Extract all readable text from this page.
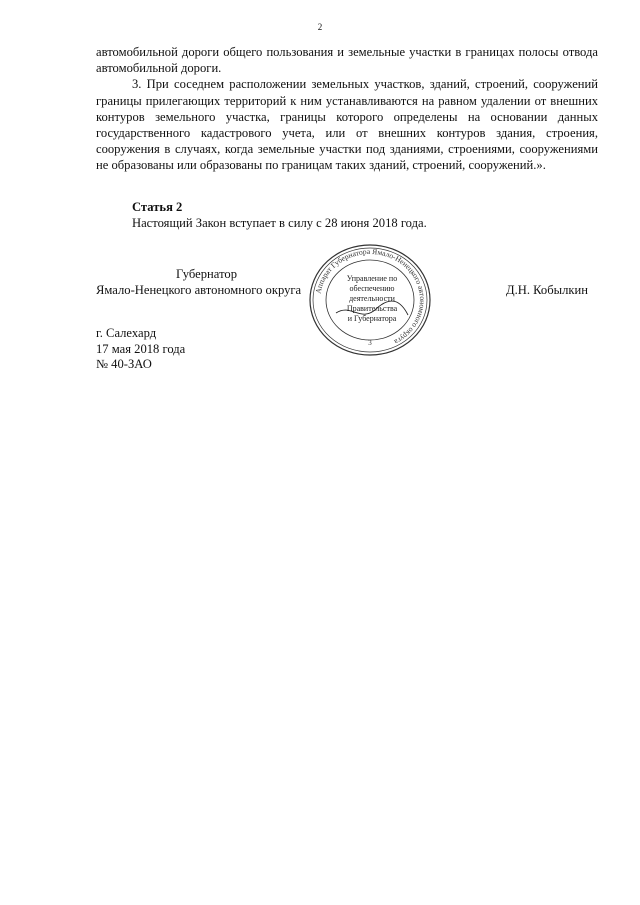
2

автомобильной дороги общего пользования и земельные участки в границах полосы отвода автомобильной дороги.

3. При соседнем расположении земельных участков, зданий, строений, сооружений границы прилегающих территорий к ним устанавливаются на равном удалении от внешних контуров земельного участка, границы которого определены на основании данных государственного кадастрового учета, или от внешних контуров здания, строения, сооружения в случаях, когда земельные участки под зданиями, строениями, сооружениями не образованы или образованы по границам таких зданий, строений, сооружений.».

Статья 2
Настоящий Закон вступает в силу с 28 июня 2018 года.
Губернатор
Ямало-Ненецкого автономного округа	Д.Н. Кобылкин
Аппарат Губернатора Ямало-Ненецкого автономного округа
Управление по
обеспечению
деятельности
Правительства
и Губернатора
3
г. Салехард
17 мая 2018 года
№ 40-ЗАО
